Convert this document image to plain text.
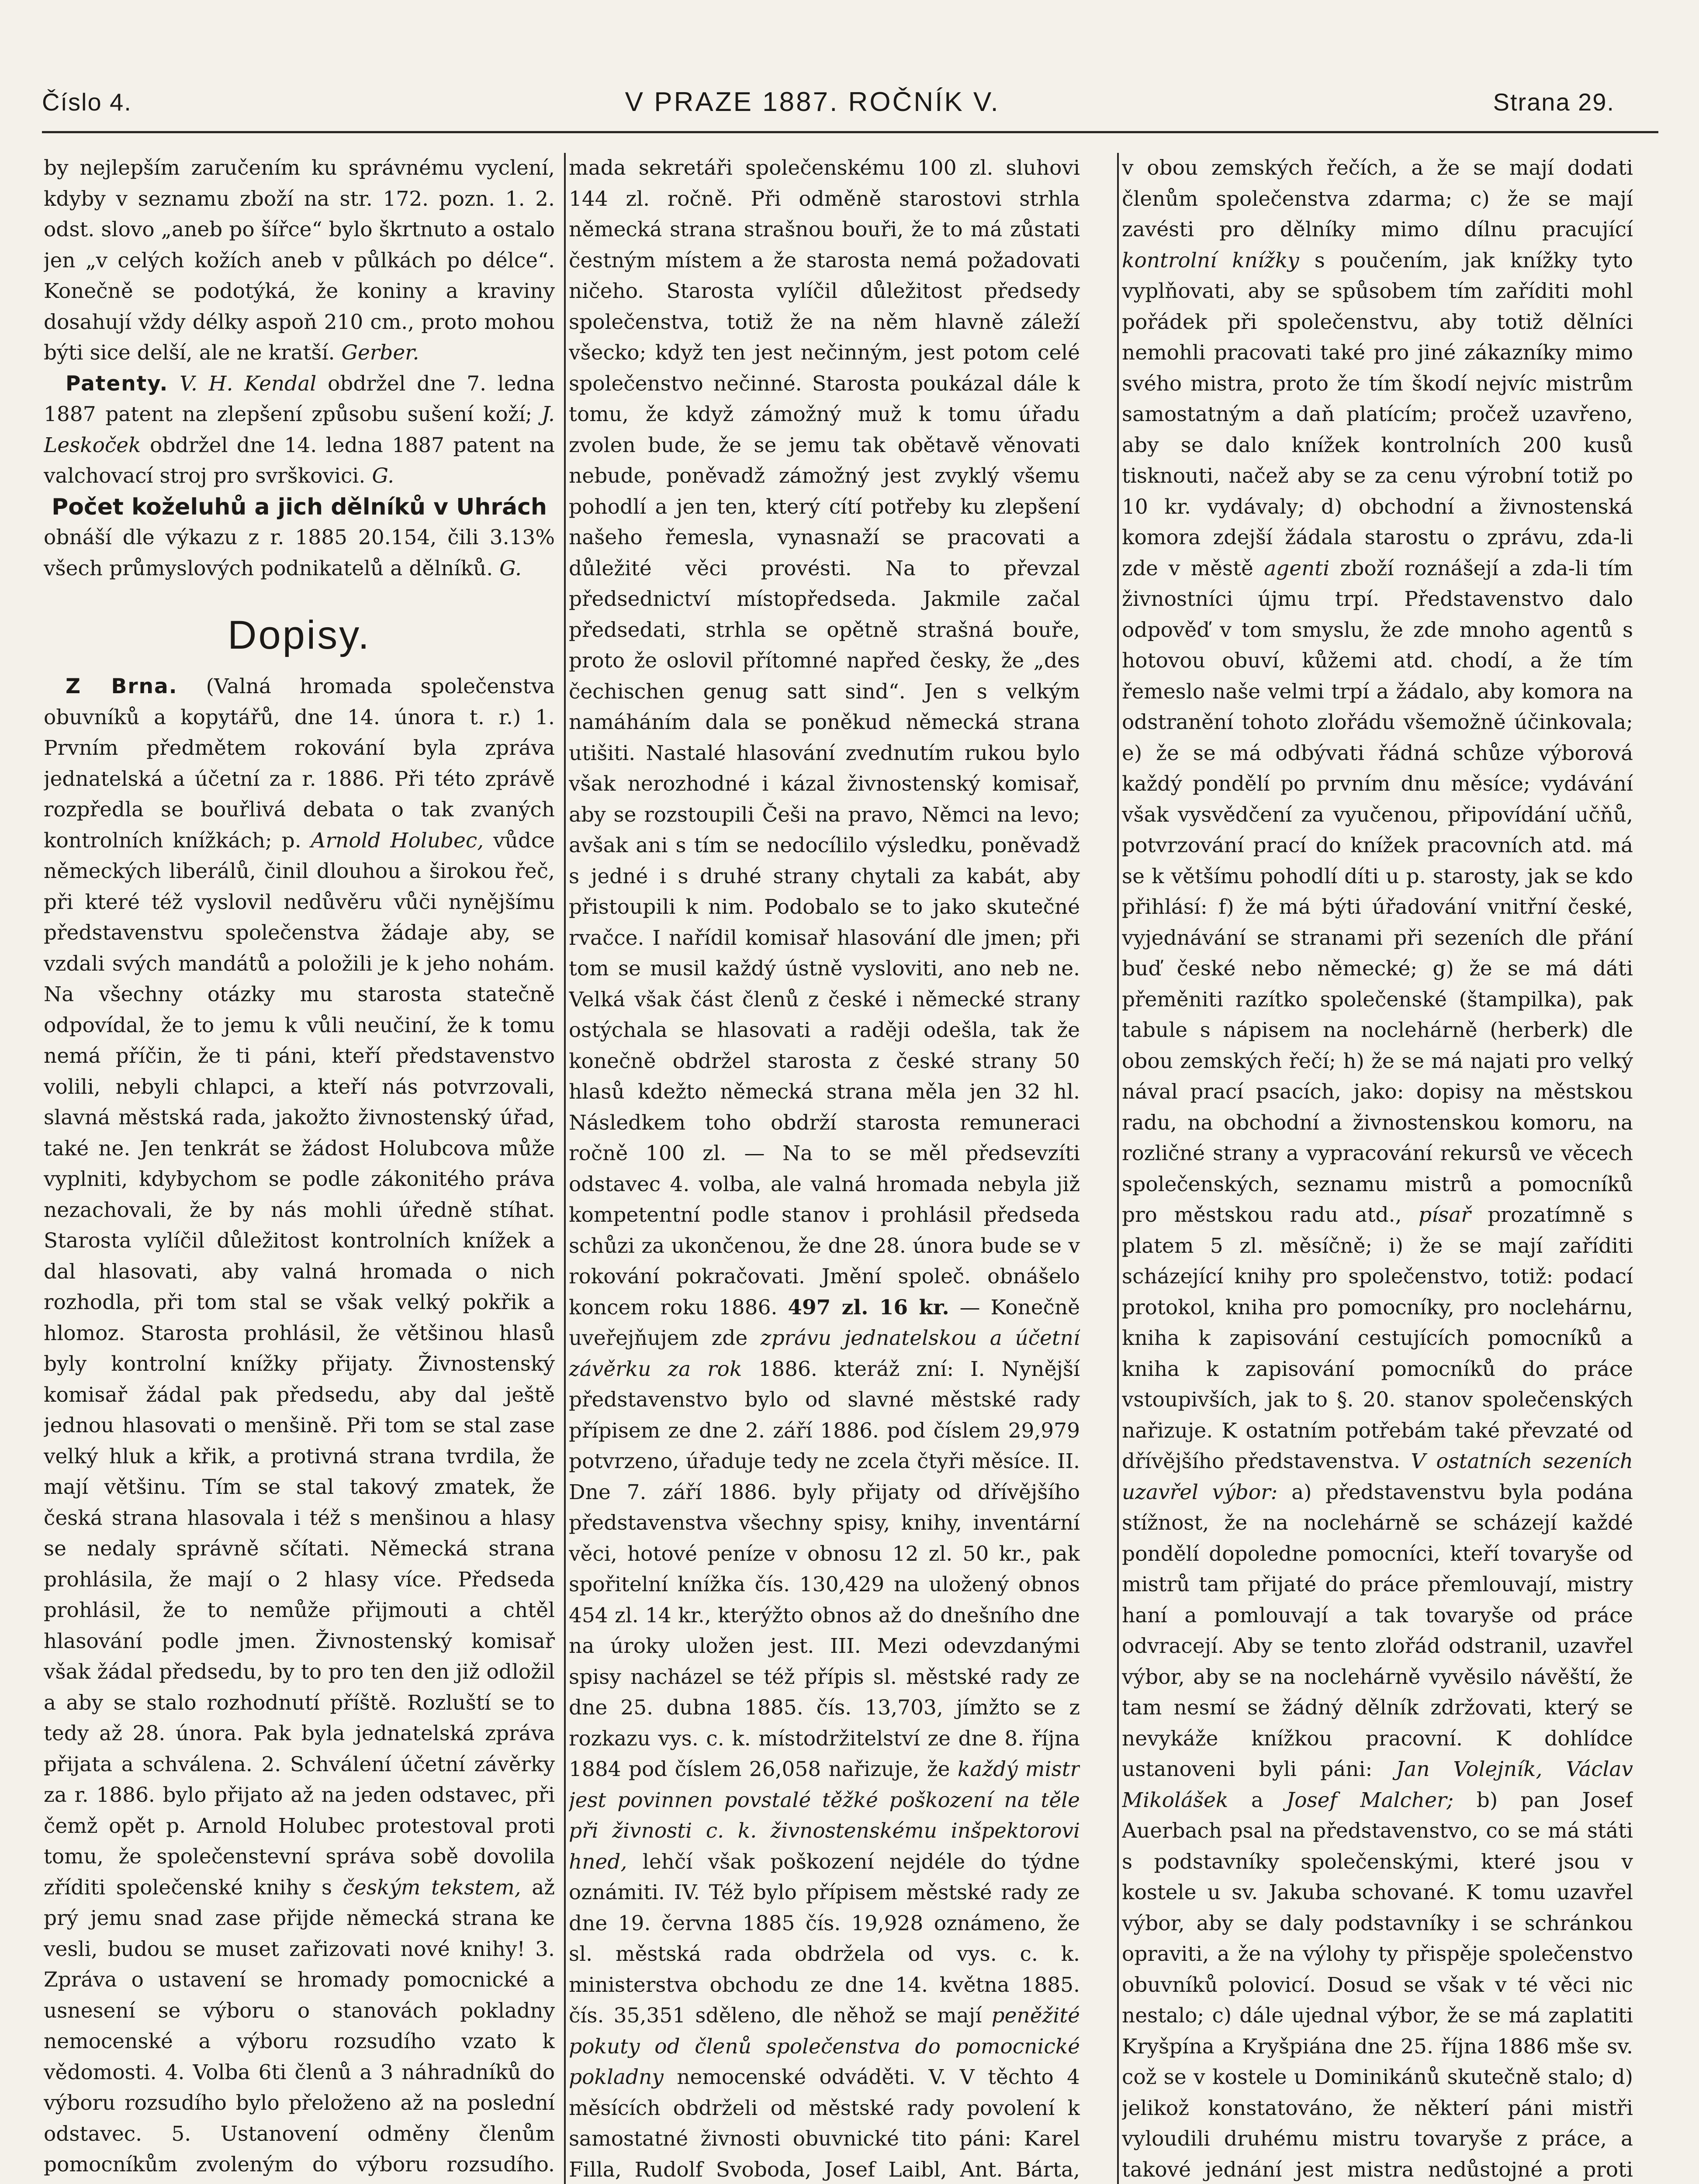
Číslo 4.	V PRAZE 1887. ROČNÍK V.	Strana 29.

by nejlepším zaručením ku správnému vyclení, kdyby v seznamu zboží na str. 172. pozn. 1. 2. odst. slovo „aneb po šířce“ bylo škrtnuto a ostalo jen „v celých kožích aneb v půlkách po délce“. Konečně se podotýká, že koniny a kraviny dosahují vždy délky aspoň 210 cm., proto mohou býti sice delší, ale ne kratší. Gerber.

Patenty. V. H. Kendal obdržel dne 7. ledna 1887 patent na zlepšení způsobu sušení koží; J. Leskoček obdržel dne 14. ledna 1887 patent na valchovací stroj pro svrškovici. G.

Počet koželuhů a jich dělníků v Uhrách

obnáší dle výkazu z r. 1885 20.154, čili 3.13% všech průmyslových podnikatelů a dělníků. G.

Dopisy.

Z Brna. (Valná hromada společenstva obuvníků a kopytářů, dne 14. února t. r.) 1. Prvním předmětem rokování byla zpráva jednatelská a účetní za r. 1886. Při této zprávě rozpředla se bouřlivá debata o tak zvaných kontrolních knížkách; p. Arnold Holubec, vůdce německých liberálů, činil dlouhou a širokou řeč, při které též vyslovil nedůvěru vůči nynějšímu představenstvu společenstva žádaje aby, se vzdali svých mandátů a položili je k jeho nohám. Na všechny otázky mu starosta statečně odpovídal, že to jemu k vůli neučiní, že k tomu nemá příčin, že ti páni, kteří představenstvo volili, nebyli chlapci, a kteří nás potvrzovali, slavná městská rada, jakožto živnostenský úřad, také ne. Jen tenkrát se žádost Holubcova může vyplniti, kdybychom se podle zákonitého práva nezachovali, že by nás mohli úředně stíhat. Starosta vylíčil důležitost kontrolních knížek a dal hlasovati, aby valná hromada o nich rozhodla, při tom stal se však velký pokřik a hlomoz. Starosta prohlásil, že většinou hlasů byly kontrolní knížky přijaty. Živnostenský komisař žádal pak předsedu, aby dal ještě jednou hlasovati o menšině. Při tom se stal zase velký hluk a křik, a protivná strana tvrdila, že mají většinu. Tím se stal takový zmatek, že česká strana hlasovala i též s menšinou a hlasy se nedaly správně sčítati. Německá strana prohlásila, že mají o 2 hlasy více. Předseda prohlásil, že to nemůže přijmouti a chtěl hlasování podle jmen. Živnostenský komisař však žádal předsedu, by to pro ten den již odložil a aby se stalo rozhodnutí příště. Rozluští se to tedy až 28. února. Pak byla jednatelská zpráva přijata a schválena. 2. Schválení účetní závěrky za r. 1886. bylo přijato až na jeden odstavec, při čemž opět p. Arnold Holubec protestoval proti tomu, že společenstevní správa sobě dovolila zříditi společenské knihy s českým tekstem, až prý jemu snad zase přijde německá strana ke vesli, budou se muset zařizovati nové knihy! 3. Zpráva o ustavení se hromady pomocnické a usnesení se výboru o stanovách pokladny nemocenské a výboru rozsudího vzato k vědomosti. 4. Volba 6ti členů a 3 náhradníků do výboru rozsudího bylo přeloženo až na poslední odstavec. 5. Ustanovení odměny členům pomocníkům zvoleným do výboru rozsudího.

mada sekretáři společenskému 100 zl. sluhovi 144 zl. ročně. Při odměně starostovi strhla německá strana strašnou bouři, že to má zůstati čestným místem a že starosta nemá požadovati ničeho. Starosta vylíčil důležitost předsedy společenstva, totiž že na něm hlavně záleží všecko; když ten jest nečinným, jest potom celé společenstvo nečinné. Starosta poukázal dále k tomu, že když zámožný muž k tomu úřadu zvolen bude, že se jemu tak obětavě věnovati nebude, poněvadž zámožný jest zvyklý všemu pohodlí a jen ten, který cítí potřeby ku zlepšení našeho řemesla, vynasnaží se pracovati a důležité věci provésti. Na to převzal předsednictví místopředseda. Jakmile začal předsedati, strhla se opětně strašná bouře, proto že oslovil přítomné napřed česky, že „des čechischen genug satt sind“. Jen s velkým namáháním dala se poněkud německá strana utišiti. Nastalé hlasování zvednutím rukou bylo však nerozhodné i kázal živnostenský komisař, aby se rozstoupili Češi na pravo, Němci na levo; avšak ani s tím se nedocílilo výsledku, poněvadž s jedné i s druhé strany chytali za kabát, aby přistoupili k nim. Podobalo se to jako skutečné rvačce. I nařídil komisař hlasování dle jmen; při tom se musil každý ústně vysloviti, ano neb ne. Velká však část členů z české i německé strany ostýchala se hlasovati a raději odešla, tak že konečně obdržel starosta z české strany 50 hlasů kdežto německá strana měla jen 32 hl. Následkem toho obdrží starosta remuneraci ročně 100 zl. — Na to se měl předsevzíti odstavec 4. volba, ale valná hromada nebyla již kompetentní podle stanov i prohlásil předseda schůzi za ukončenou, že dne 28. února bude se v rokování pokračovati. Jmění společ. obnášelo koncem roku 1886. 497 zl. 16 kr. — Konečně uveřejňujem zde zprávu jednatelskou a účetní závěrku za rok 1886. kteráž zní: I. Nynější představenstvo bylo od slavné městské rady přípisem ze dne 2. září 1886. pod číslem 29,979 potvrzeno, úřaduje tedy ne zcela čtyři měsíce. II. Dne 7. září 1886. byly přijaty od dřívějšího představenstva všechny spisy, knihy, inventární věci, hotové peníze v obnosu 12 zl. 50 kr., pak spořitelní knížka čís. 130,429 na uložený obnos 454 zl. 14 kr., kterýžto obnos až do dnešního dne na úroky uložen jest. III. Mezi odevzdanými spisy nacházel se též přípis sl. městské rady ze dne 25. dubna 1885. čís. 13,703, jímžto se z rozkazu vys. c. k. místodržitelství ze dne 8. října 1884 pod číslem 26,058 nařizuje, že každý mistr jest povinnen povstalé těžké poškození na těle při živnosti c. k. živnostenskému inšpektorovi hned, lehčí však poškození nejdéle do týdne oznámiti. IV. Též bylo přípisem městské rady ze dne 19. června 1885 čís. 19,928 oznámeno, že sl. městská rada obdržela od vys. c. k. ministerstva obchodu ze dne 14. května 1885. čís. 35,351 sděleno, dle něhož se mají peněžité pokuty od členů společenstva do pomocnické pokladny nemocenské odváděti. V. V těchto 4 měsících obdrželi od městské rady povolení k samostatné živnosti obuvnické tito páni: Karel Filla, Rudolf Svoboda, Josef Laibl, Ant. Bárta,

v obou zemských řečích, a že se mají dodati členům společenstva zdarma; c) že se mají zavésti pro dělníky mimo dílnu pracující kontrolní knížky s poučením, jak knížky tyto vyplňovati, aby se spůsobem tím zaříditi mohl pořádek při společenstvu, aby totiž dělníci nemohli pracovati také pro jiné zákazníky mimo svého mistra, proto že tím škodí nejvíc mistrům samostatným a daň platícím; pročež uzavřeno, aby se dalo knížek kontrolních 200 kusů tisknouti, načež aby se za cenu výrobní totiž po 10 kr. vydávaly; d) obchodní a živnostenská komora zdejší žádala starostu o zprávu, zda-li zde v městě agenti zboží roznášejí a zda-li tím živnostníci újmu trpí. Představenstvo dalo odpověď v tom smyslu, že zde mnoho agentů s hotovou obuví, kůžemi atd. chodí, a že tím řemeslo naše velmi trpí a žádalo, aby komora na odstranění tohoto zlořádu všemožně účinkovala; e) že se má odbývati řádná schůze výborová každý pondělí po prvním dnu měsíce; vydávání však vysvědčení za vyučenou, připovídání učňů, potvrzování prací do knížek pracovních atd. má se k většímu pohodlí díti u p. starosty, jak se kdo přihlásí: f) že má býti úřadování vnitřní české, vyjednávání se stranami při sezeních dle přání buď české nebo německé; g) že se má dáti přeměniti razítko společenské (štampilka), pak tabule s nápisem na noclehárně (herberk) dle obou zemských řečí; h) že se má najati pro velký nával prací psacích, jako: dopisy na městskou radu, na obchodní a živnostenskou komoru, na rozličné strany a vypracování rekursů ve věcech společenských, seznamu mistrů a pomocníků pro městskou radu atd., písař prozatímně s platem 5 zl. měsíčně; i) že se mají zaříditi scházející knihy pro společenstvo, totiž: podací protokol, kniha pro pomocníky, pro noclehárnu, kniha k zapisování cestujících pomocníků a kniha k zapisování pomocníků do práce vstoupivších, jak to §. 20. stanov společenských nařizuje. K ostatním potřebám také převzaté od dřívějšího představenstva. V ostatních sezeních uzavřel výbor: a) představenstvu byla podána stížnost, že na noclehárně se scházejí každé pondělí dopoledne pomocníci, kteří tovaryše od mistrů tam přijaté do práce přemlouvají, mistry haní a pomlouvají a tak tovaryše od práce odvracejí. Aby se tento zlořád odstranil, uzavřel výbor, aby se na noclehárně vyvěsilo návěští, že tam nesmí se žádný dělník zdržovati, který se nevykáže knížkou pracovní. K dohlídce ustanoveni byli páni: Jan Volejník, Václav Mikolášek a Josef Malcher; b) pan Josef Auerbach psal na představenstvo, co se má státi s podstavníky společenskými, které jsou v kostele u sv. Jakuba schované. K tomu uzavřel výbor, aby se daly podstavníky i se schránkou opraviti, a že na výlohy ty přispěje společenstvo obuvníků polovicí. Dosud se však v té věci nic nestalo; c) dále ujednal výbor, že se má zaplatiti Kryšpína a Kryšpiána dne 25. října 1886 mše sv. což se v kostele u Dominikánů skutečně stalo; d) jelikož konstatováno, že některí páni mistři vyloudili druhému mistru tovaryše z práce, a takové jednání jest mistra nedůstojné a proti
